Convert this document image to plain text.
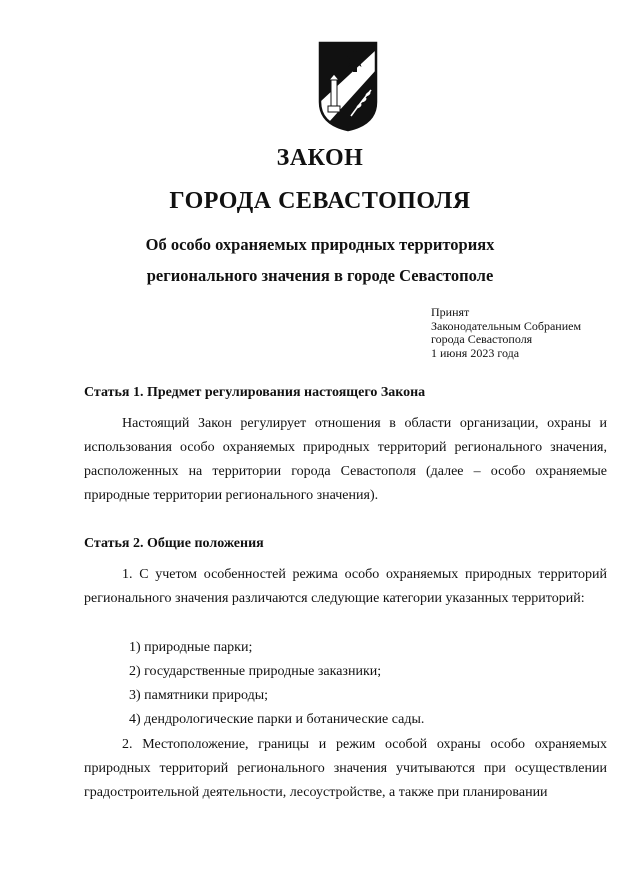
ЗАКОН
ГОРОДА СЕВАСТОПОЛЯ
Об особо охраняемых природных территориях
регионального значения в городе Севастополе
Принят
Законодательным Собранием
города Севастополя
1 июня 2023 года
Статья 1. Предмет регулирования настоящего Закона

Настоящий Закон регулирует отношения в области организации, охраны и использования особо охраняемых природных территорий регионального значения, расположенных на территории города Севастополя (далее – особо охраняемые природные территории регионального значения).

Статья 2. Общие положения

1. С учетом особенностей режима особо охраняемых природных территорий регионального значения различаются следующие категории указанных территорий:

1) природные парки;
2) государственные природные заказники;
3) памятники природы;
4) дендрологические парки и ботанические сады.

2. Местоположение, границы и режим особой охраны особо охраняемых природных территорий регионального значения учитываются при осуществлении градостроительной деятельности, лесоустройстве, а также при планировании
